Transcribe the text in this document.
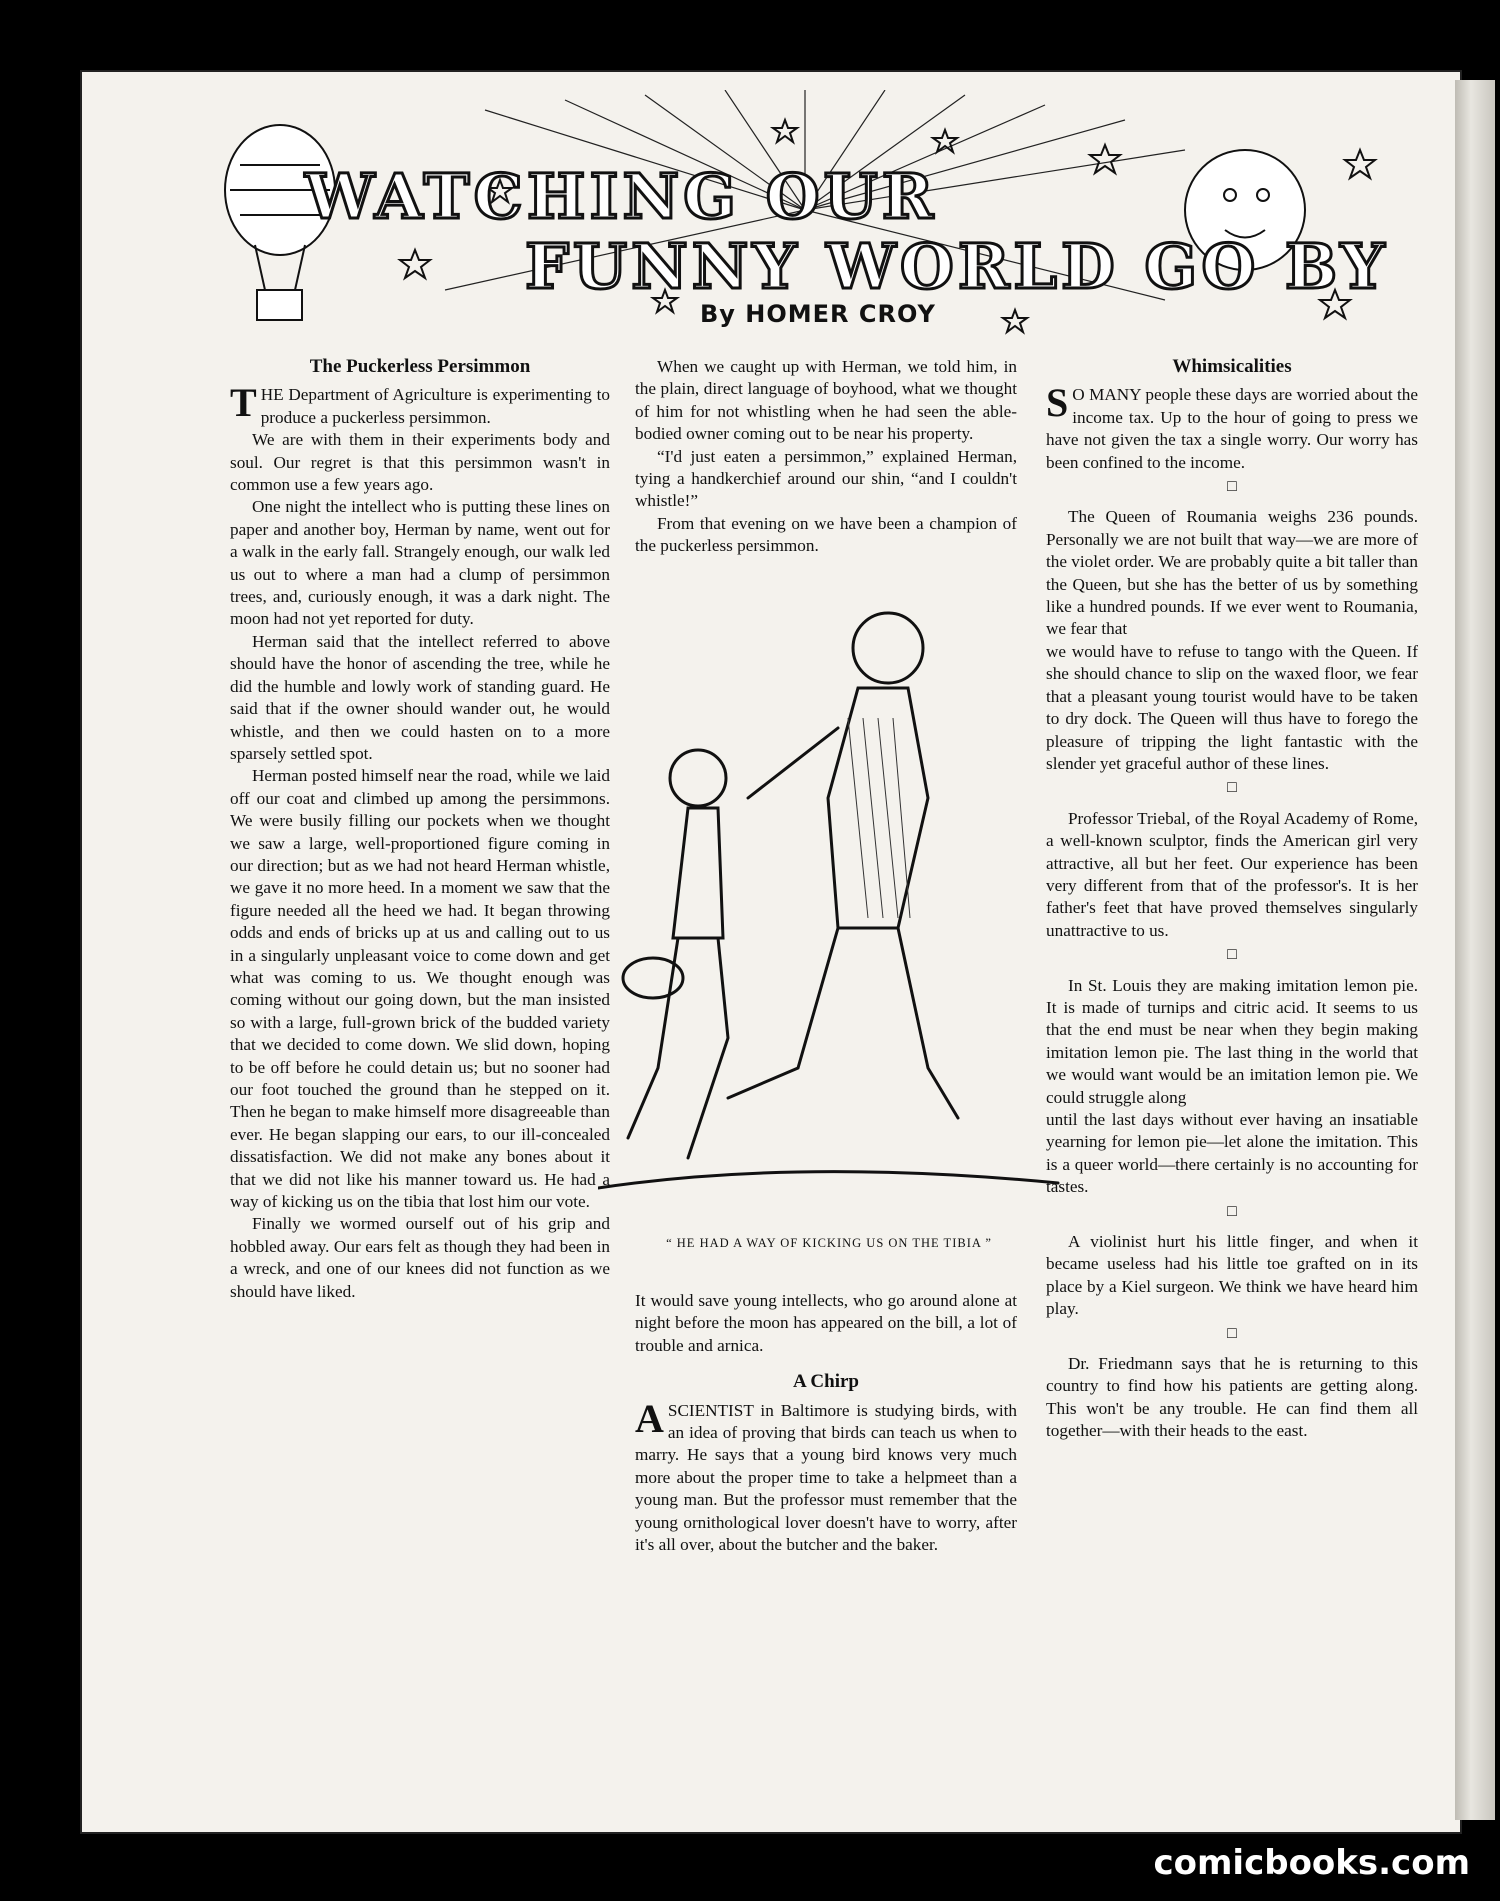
WATCHING OUR
FUNNY WORLD GO BY
By HOMER CROY
The Puckerless Persimmon

THE Department of Agriculture is experimenting to produce a puckerless persimmon.

We are with them in their experiments body and soul. Our regret is that this persimmon wasn't in common use a few years ago.

One night the intellect who is putting these lines on paper and another boy, Herman by name, went out for a walk in the early fall. Strangely enough, our walk led us out to where a man had a clump of persimmon trees, and, curiously enough, it was a dark night. The moon had not yet reported for duty.

Herman said that the intellect referred to above should have the honor of ascending the tree, while he did the humble and lowly work of standing guard. He said that if the owner should wander out, he would whistle, and then we could hasten on to a more sparsely settled spot.

Herman posted himself near the road, while we laid off our coat and climbed up among the persimmons. We were busily filling our pockets when we thought we saw a large, well-proportioned figure coming in our direction; but as we had not heard Herman whistle, we gave it no more heed. In a moment we saw that the figure needed all the heed we had. It began throwing odds and ends of bricks up at us and calling out to us in a singularly unpleasant voice to come down and get what was coming to us. We thought enough was coming without our going down, but the man insisted so with a large, full-grown brick of the budded variety that we decided to come down. We slid down, hoping to be off before he could detain us; but no sooner had our foot touched the ground than he stepped on it. Then he began to make himself more disagreeable than ever. He began slapping our ears, to our ill-concealed dissatisfaction. We did not make any bones about it that we did not like his manner toward us. He had a way of kicking us on the tibia that lost him our vote.

Finally we wormed ourself out of his grip and hobbled away. Our ears felt as though they had been in a wreck, and one of our knees did not function as we should have liked.

When we caught up with Herman, we told him, in the plain, direct language of boyhood, what we thought of him for not whistling when he had seen the able-bodied owner coming out to be near his property.

“I'd just eaten a persimmon,” explained Herman, tying a handkerchief around our shin, “and I couldn't whistle!”

From that evening on we have been a champion of the puckerless persimmon.

“ HE HAD A WAY OF KICKING US ON THE TIBIA ”

It would save young intellects, who go around alone at night before the moon has appeared on the bill, a lot of trouble and arnica.

A Chirp

ASCIENTIST in Baltimore is studying birds, with an idea of proving that birds can teach us when to marry. He says that a young bird knows very much more about the proper time to take a helpmeet than a young man. But the professor must remember that the young ornithological lover doesn't have to worry, after it's all over, about the butcher and the baker.

Whimsicalities

S O MANY people these days are worried about the income tax. Up to the hour of going to press we have not given the tax a single worry. Our worry has been confined to the income.

□

The Queen of Roumania weighs 236 pounds. Personally we are not built that way—we are more of the violet order. We are probably quite a bit taller than the Queen, but she has the better of us by something like a hundred pounds. If we ever went to Roumania, we fear that

we would have to refuse to tango with the Queen. If she should chance to slip on the waxed floor, we fear that a pleasant young tourist would have to be taken to dry dock. The Queen will thus have to forego the pleasure of tripping the light fantastic with the slender yet graceful author of these lines.

□

Professor Triebal, of the Royal Academy of Rome, a well-known sculptor, finds the American girl very attractive, all but her feet. Our experience has been very different from that of the professor's. It is her father's feet that have proved themselves singularly unattractive to us.

□

In St. Louis they are making imitation lemon pie. It is made of turnips and citric acid. It seems to us that the end must be near when they begin making imitation lemon pie. The last thing in the world that we would want would be an imitation lemon pie. We could struggle along

until the last days without ever having an insatiable yearning for lemon pie—let alone the imitation. This is a queer world—there certainly is no accounting for tastes.

□

A violinist hurt his little finger, and when it became useless had his little toe grafted on in its place by a Kiel surgeon. We think we have heard him play.

□

Dr. Friedmann says that he is returning to this country to find how his patients are getting along. This won't be any trouble. He can find them all together—with their heads to the east.

comicbooks.com
